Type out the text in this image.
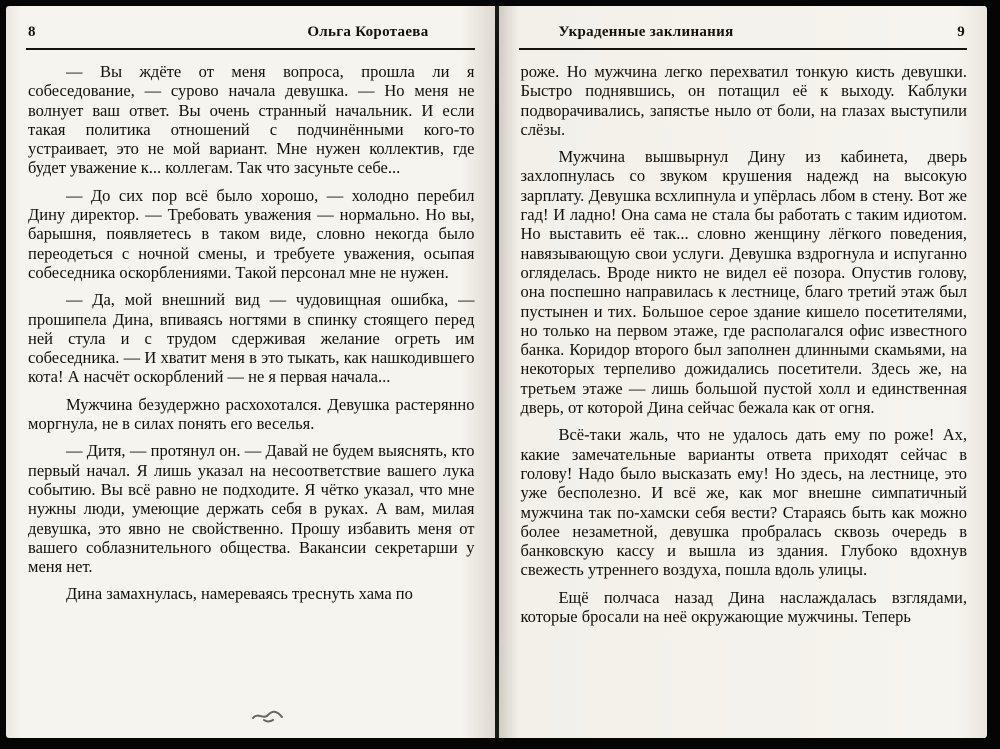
8	Ольга Коротаева

— Вы ждёте от меня вопроса, прошла ли я собеседование, — сурово начала девушка. — Но меня не волнует ваш ответ. Вы очень странный начальник. И если такая политика отношений с подчинёнными кого-то устраивает, это не мой вариант. Мне нужен коллектив, где будет уважение к... коллегам. Так что засуньте себе...

— До сих пор всё было хорошо, — холодно перебил Дину директор. — Требовать уважения — нормально. Но вы, барышня, появляетесь в таком виде, словно некогда было переодеться с ночной смены, и требуете уважения, осыпая собеседника оскорблениями. Такой персонал мне не нужен.

— Да, мой внешний вид — чудовищная ошибка, — прошипела Дина, впиваясь ногтями в спинку стоящего перед ней стула и с трудом сдерживая желание огреть им собеседника. — И хватит меня в это тыкать, как нашкодившего кота! А насчёт оскорблений — не я первая начала...

Мужчина безудержно расхохотался. Девушка растерянно моргнула, не в силах понять его веселья.

— Дитя, — протянул он. — Давай не будем выяснять, кто первый начал. Я лишь указал на несоответствие вашего лука событию. Вы всё равно не подходите. Я чётко указал, что мне нужны люди, умеющие держать себя в руках. А вам, милая девушка, это явно не свойственно. Прошу избавить меня от вашего соблазнительного общества. Вакансии секретарши у меня нет.

Дина замахнулась, намереваясь треснуть хама по

Украденные заклинания	9

роже. Но мужчина легко перехватил тонкую кисть девушки. Быстро поднявшись, он потащил её к выходу. Каблуки подворачивались, запястье ныло от боли, на глазах выступили слёзы.

Мужчина вышвырнул Дину из кабинета, дверь захлопнулась со звуком крушения надежд на высокую зарплату. Девушка всхлипнула и упёрлась лбом в стену. Вот же гад! И ладно! Она сама не стала бы работать с таким идиотом. Но выставить её так... словно женщину лёгкого поведения, навязывающую свои услуги. Девушка вздрогнула и испуганно огляделась. Вроде никто не видел её позора. Опустив голову, она поспешно направилась к лестнице, благо третий этаж был пустынен и тих. Большое серое здание кишело посетителями, но только на первом этаже, где располагался офис известного банка. Коридор второго был заполнен длинными скамьями, на некоторых терпеливо дожидались посетители. Здесь же, на третьем этаже — лишь большой пустой холл и единственная дверь, от которой Дина сейчас бежала как от огня.

Всё-таки жаль, что не удалось дать ему по роже! Ах, какие замечательные варианты ответа приходят сейчас в голову! Надо было высказать ему! Но здесь, на лестнице, это уже бесполезно. И всё же, как мог внешне симпатичный мужчина так по-хамски себя вести? Стараясь быть как можно более незаметной, девушка пробралась сквозь очередь в банковскую кассу и вышла из здания. Глубоко вдохнув свежесть утреннего воздуха, пошла вдоль улицы.

Ещё полчаса назад Дина наслаждалась взглядами, которые бросали на неё окружающие мужчины. Теперь
